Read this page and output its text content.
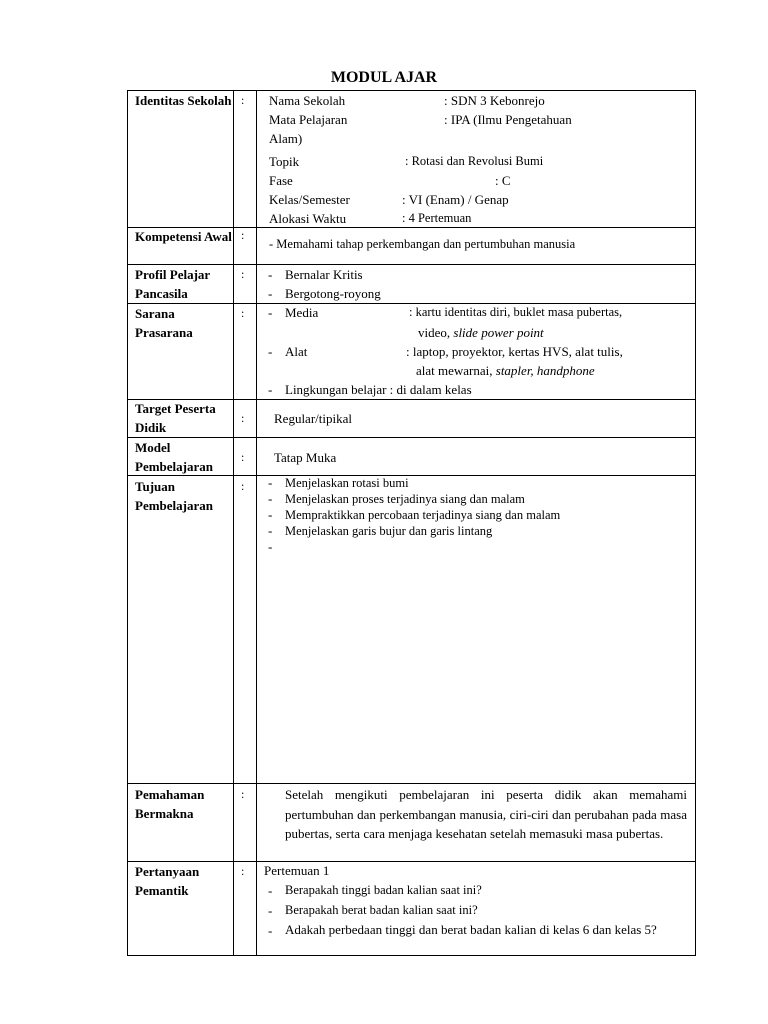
MODUL AJAR
Identitas Sekolah : Nama Sekolah	: SDN 3 Kebonrejo
Mata Pelajaran	: IPA (Ilmu Pengetahuan
Alam)
Topik	: Rotasi dan Revolusi Bumi
Fase	: C
Kelas/Semester	: VI (Enam) / Genap
Alokasi Waktu	: 4 Pertemuan
Kompetensi Awal :
- Memahami tahap perkembangan dan pertumbuhan manusia
Profil Pelajar Pancasila
: - Bernalar Kritis
- Bergotong-royong
Sarana Prasarana
: - Media	: kartu identitas diri, buklet masa pubertas,
video, slide power point
- Alat	: laptop, proyektor, kertas HVS, alat tulis,
alat mewarnai, stapler, handphone
- Lingkungan belajar : di dalam kelas
Target Peserta Didik
: Regular/tipikal
Model Pembelajaran
: Tatap Muka
Tujuan Pembelajaran
: - Menjelaskan rotasi bumi
- Menjelaskan proses terjadinya siang dan malam
- Mempraktikkan percobaan terjadinya siang dan malam
- Menjelaskan garis bujur dan garis lintang
-
Pemahaman Bermakna
:	Setelah mengikuti pembelajaran ini peserta didik akan memahami pertumbuhan dan perkembangan manusia, ciri-ciri dan perubahan pada masa pubertas, serta cara menjaga kesehatan setelah memasuki masa pubertas.
Pertanyaan Pemantik
: Pertemuan 1
- Berapakah tinggi badan kalian saat ini?
- Berapakah berat badan kalian saat ini?
- Adakah perbedaan tinggi dan berat badan kalian di kelas 6 dan kelas 5?
